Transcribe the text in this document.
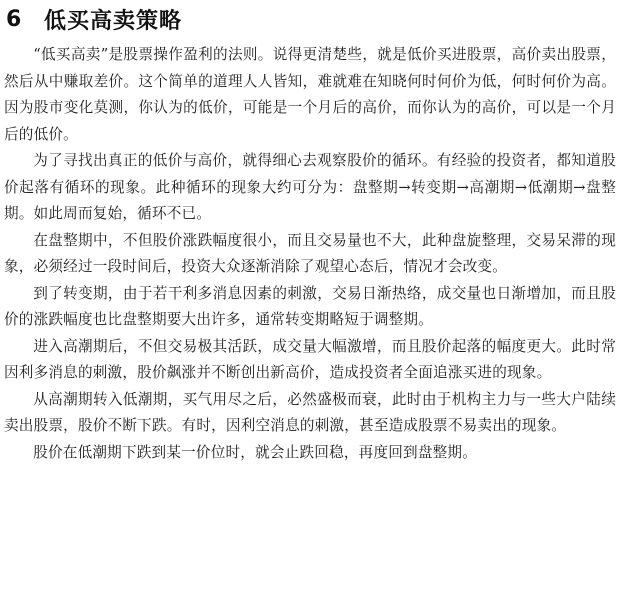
6	低买高卖策略

“低买高卖”是股票操作盈利的法则。说得更清楚些，就是低价买进股票，高价卖出股票，然后从中赚取差价。这个简单的道理人人皆知，难就难在知晓何时何价为低，何时何价为高。因为股市变化莫测，你认为的低价，可能是一个月后的高价，而你认为的高价，可以是一个月后的低价。

为了寻找出真正的低价与高价，就得细心去观察股价的循环。有经验的投资者，都知道股价起落有循环的现象。此种循环的现象大约可分为：盘整期→转变期→高潮期→低潮期→盘整期。如此周而复始，循环不已。

在盘整期中，不但股价涨跌幅度很小，而且交易量也不大，此种盘旋整理，交易呆滞的现象，必须经过一段时间后，投资大众逐渐消除了观望心态后，情况才会改变。

到了转变期，由于若干利多消息因素的刺激，交易日渐热络，成交量也日渐增加，而且股价的涨跌幅度也比盘整期要大出许多，通常转变期略短于调整期。

进入高潮期后，不但交易极其活跃，成交量大幅激增，而且股价起落的幅度更大。此时常因利多消息的刺激，股价飙涨并不断创出新高价，造成投资者全面追涨买进的现象。

从高潮期转入低潮期，买气用尽之后，必然盛极而衰，此时由于机构主力与一些大户陆续卖出股票，股价不断下跌。有时，因利空消息的刺激，甚至造成股票不易卖出的现象。

股价在低潮期下跌到某一价位时，就会止跌回稳，再度回到盘整期。
